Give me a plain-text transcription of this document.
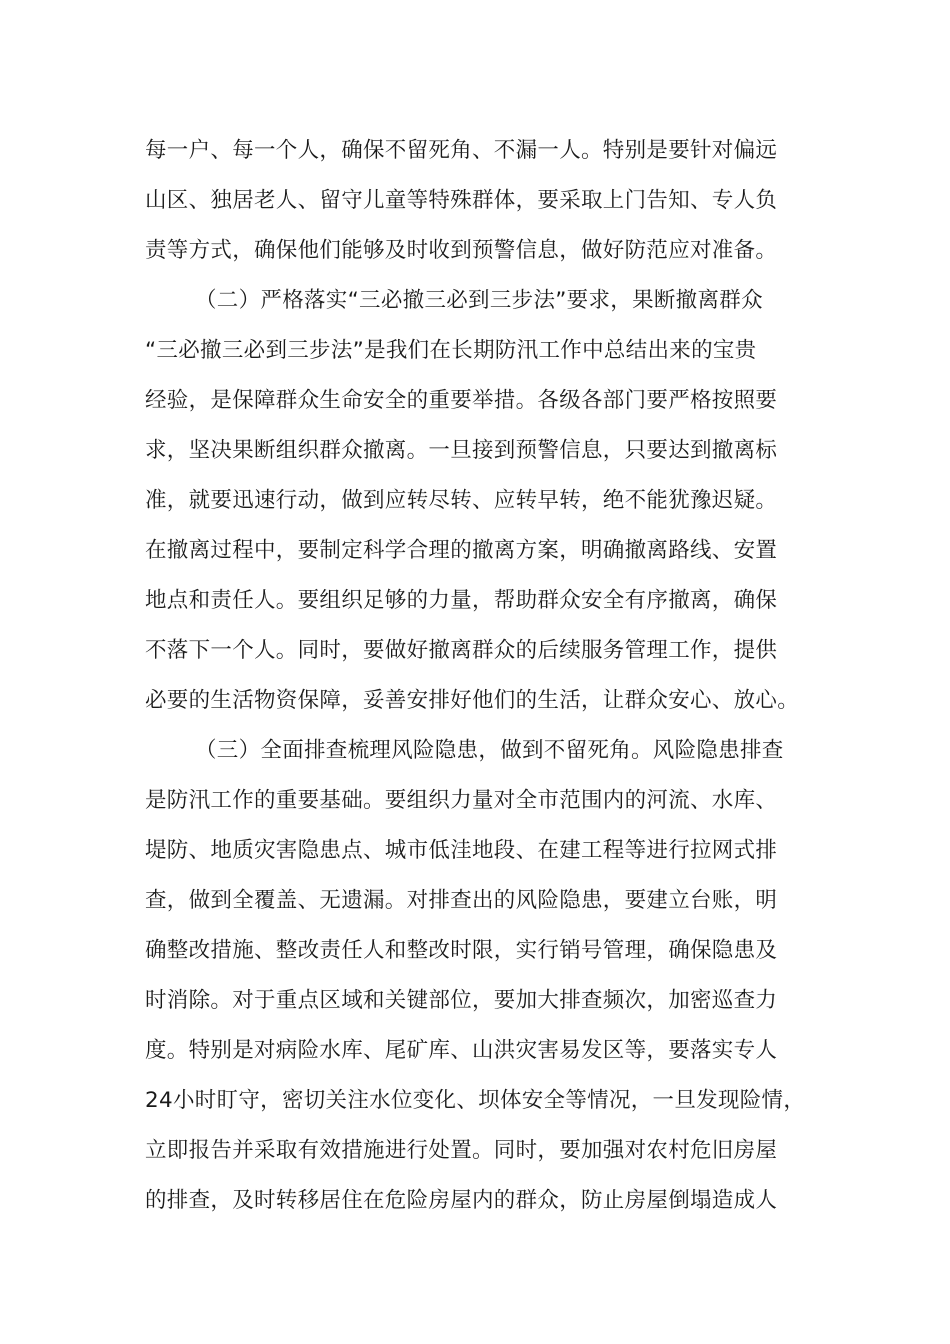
每一户、每一个人，确保不留死角、不漏一人。特别是要针对偏远
山区、独居老人、留守儿童等特殊群体，要采取上门告知、专人负
责等方式，确保他们能够及时收到预警信息，做好防范应对准备。
（二）严格落实“三必撤三必到三步法”要求，果断撤离群众
“三必撤三必到三步法”是我们在长期防汛工作中总结出来的宝贵
经验，是保障群众生命安全的重要举措。各级各部门要严格按照要
求，坚决果断组织群众撤离。一旦接到预警信息，只要达到撤离标
准，就要迅速行动，做到应转尽转、应转早转，绝不能犹豫迟疑。
在撤离过程中，要制定科学合理的撤离方案，明确撤离路线、安置
地点和责任人。要组织足够的力量，帮助群众安全有序撤离，确保
不落下一个人。同时，要做好撤离群众的后续服务管理工作，提供
必要的生活物资保障，妥善安排好他们的生活，让群众安心、放心。
（三）全面排查梳理风险隐患，做到不留死角。风险隐患排查
是防汛工作的重要基础。要组织力量对全市范围内的河流、水库、
堤防、地质灾害隐患点、城市低洼地段、在建工程等进行拉网式排
查，做到全覆盖、无遗漏。对排查出的风险隐患，要建立台账，明
确整改措施、整改责任人和整改时限，实行销号管理，确保隐患及
时消除。对于重点区域和关键部位，要加大排查频次，加密巡查力
度。特别是对病险水库、尾矿库、山洪灾害易发区等，要落实专人
24小时盯守，密切关注水位变化、坝体安全等情况，一旦发现险情，
立即报告并采取有效措施进行处置。同时，要加强对农村危旧房屋
的排查，及时转移居住在危险房屋内的群众，防止房屋倒塌造成人
